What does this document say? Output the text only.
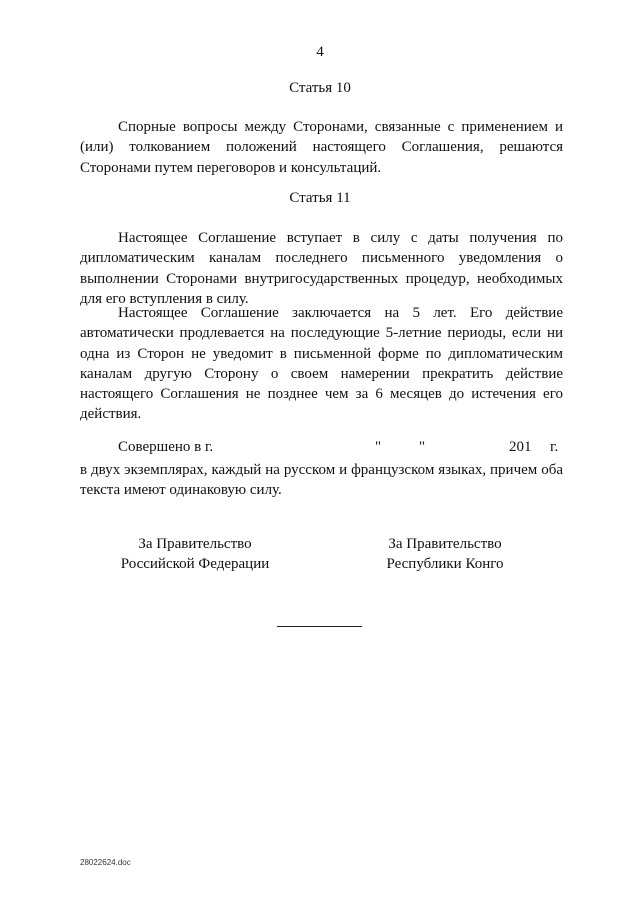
4
Статья 10

Спорные вопросы между Сторонами, связанные с применением и (или) толкованием положений настоящего Соглашения, решаются Сторонами путем переговоров и консультаций.

Статья 11

Настоящее Соглашение вступает в силу с даты получения по дипломатическим каналам последнего письменного уведомления о выполнении Сторонами внутригосударственных процедур, необходимых для его вступления в силу.

Настоящее Соглашение заключается на 5 лет. Его действие автоматически продлевается на последующие 5-летние периоды, если ни одна из Сторон не уведомит в письменной форме по дипломатическим каналам другую Сторону о своем намерении прекратить действие настоящего Соглашения не позднее чем за 6 месяцев до истечения его действия.

Совершено в г.	"	"	201 г.

в двух экземплярах, каждый на русском и французском языках, причем оба текста имеют одинаковую силу.

За Правительство
Российской Федерации
За Правительство
Республики Конго
28022624.doc
